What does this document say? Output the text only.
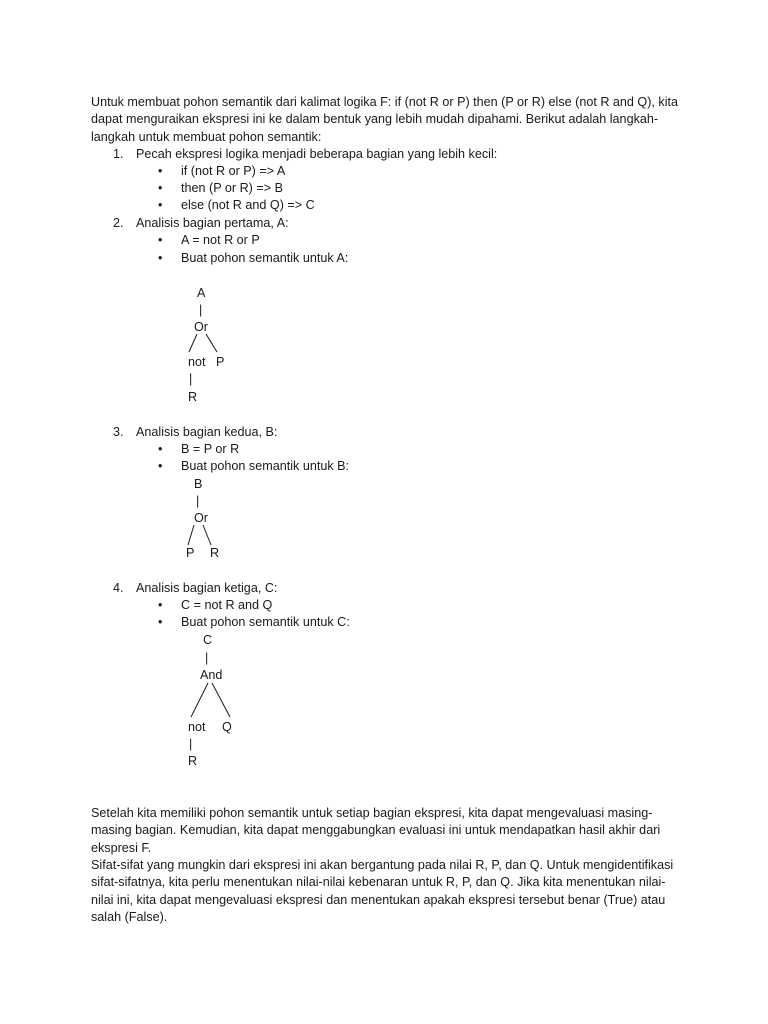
Untuk membuat pohon semantik dari kalimat logika F: if (not R or P) then (P or R) else (not R and Q), kita
dapat menguraikan ekspresi ini ke dalam bentuk yang lebih mudah dipahami. Berikut adalah langkah-
langkah untuk membuat pohon semantik:

1. Pecah ekspresi logika menjadi beberapa bagian yang lebih kecil:
• if (not R or P) => A
• then (P or R) => B
• else (not R and Q) => C
2. Analisis bagian pertama, A:
• A = not R or P
• Buat pohon semantik untuk A:
A
|
Or
not P
|
R
3. Analisis bagian kedua, B:
• B = P or R
• Buat pohon semantik untuk B:
B
|
Or
P R
4. Analisis bagian ketiga, C:
• C = not R and Q
• Buat pohon semantik untuk C:
C
|
And
not Q
|
R

Setelah kita memiliki pohon semantik untuk setiap bagian ekspresi, kita dapat mengevaluasi masing-
masing bagian. Kemudian, kita dapat menggabungkan evaluasi ini untuk mendapatkan hasil akhir dari
ekspresi F.

Sifat-sifat yang mungkin dari ekspresi ini akan bergantung pada nilai R, P, dan Q. Untuk mengidentifikasi
sifat-sifatnya, kita perlu menentukan nilai-nilai kebenaran untuk R, P, dan Q. Jika kita menentukan nilai-
nilai ini, kita dapat mengevaluasi ekspresi dan menentukan apakah ekspresi tersebut benar (True) atau
salah (False).
